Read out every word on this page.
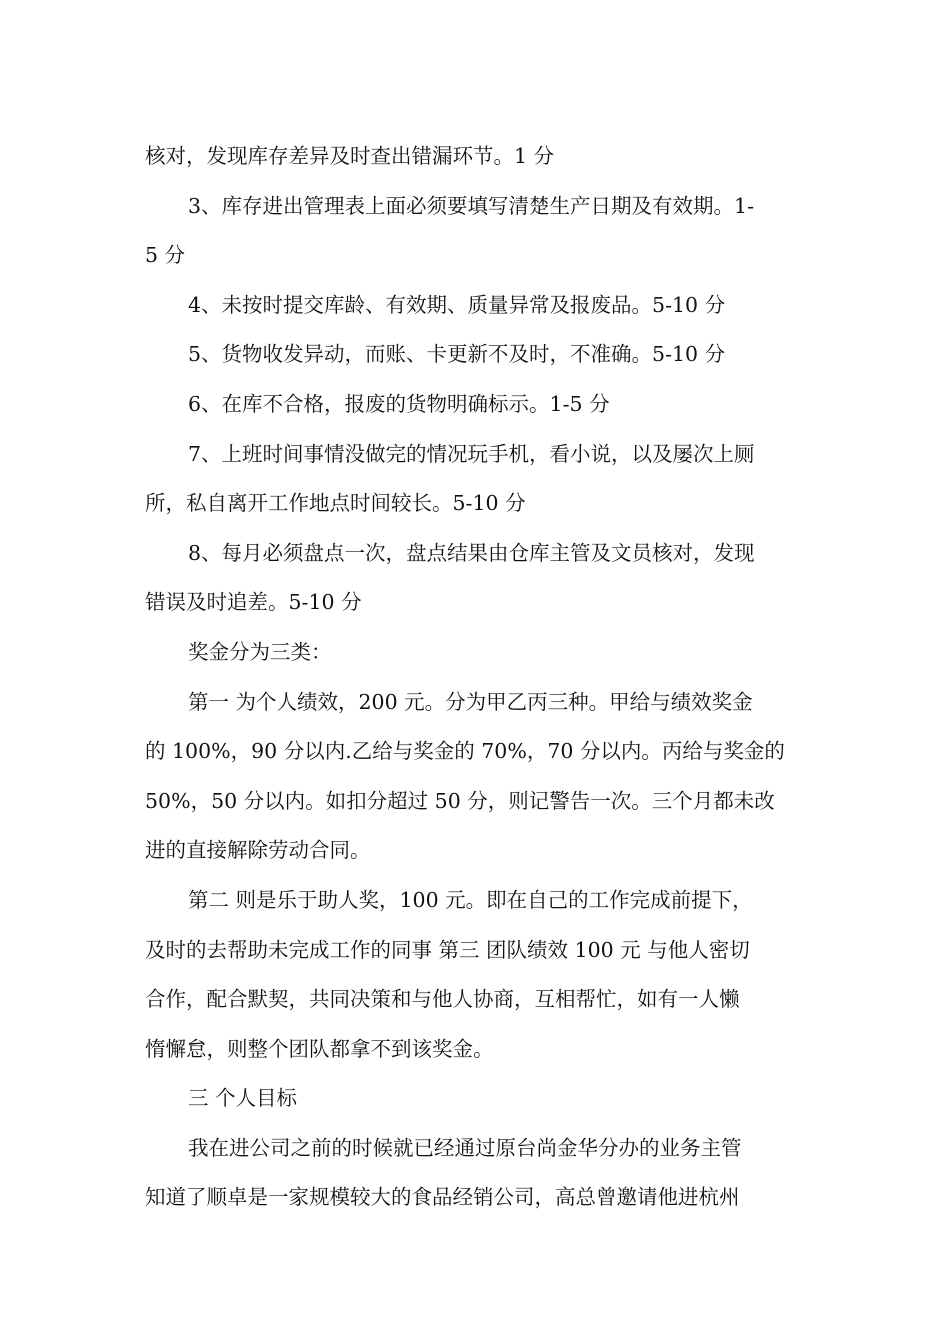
核对，发现库存差异及时查出错漏环节。1 分
3、库存进出管理表上面必须要填写清楚生产日期及有效期。1-
5 分
4、未按时提交库龄、有效期、质量异常及报废品。5-10 分
5、货物收发异动，而账、卡更新不及时，不准确。5-10 分
6、在库不合格，报废的货物明确标示。1-5 分
7、上班时间事情没做完的情况玩手机，看小说，以及屡次上厕
所，私自离开工作地点时间较长。5-10 分
8、每月必须盘点一次，盘点结果由仓库主管及文员核对，发现
错误及时追差。5-10 分
奖金分为三类：
第一 为个人绩效，200 元。分为甲乙丙三种。甲给与绩效奖金
的 100%，90 分以内.乙给与奖金的 70%，70 分以内。丙给与奖金的
50%，50 分以内。如扣分超过 50 分，则记警告一次。三个月都未改
进的直接解除劳动合同。
第二 则是乐于助人奖，100 元。即在自己的工作完成前提下，
及时的去帮助未完成工作的同事 第三 团队绩效 100 元 与他人密切
合作，配合默契，共同决策和与他人协商，互相帮忙，如有一人懒
惰懈怠，则整个团队都拿不到该奖金。
三 个人目标
我在进公司之前的时候就已经通过原台尚金华分办的业务主管
知道了顺卓是一家规模较大的食品经销公司，高总曾邀请他进杭州
